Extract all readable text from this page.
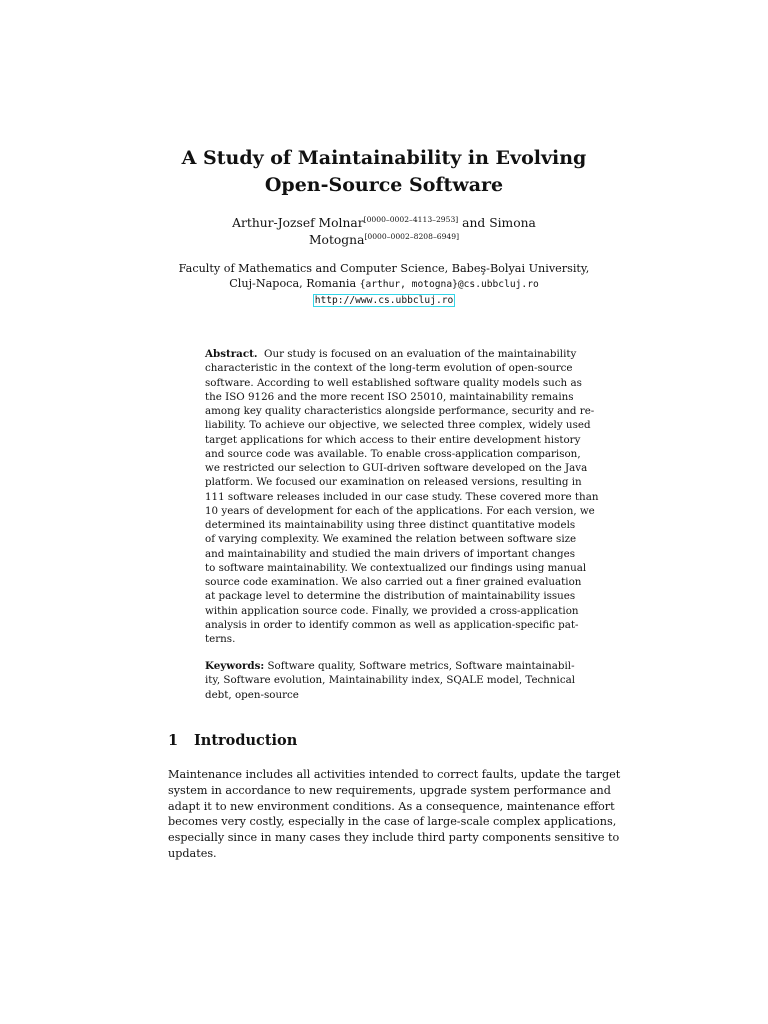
A Study of Maintainability in Evolving
Open-Source Software
Arthur-Jozsef Molnar[0000–0002–4113–2953] and Simona
Motogna[0000–0002–8208–6949]
Faculty of Mathematics and Computer Science, Babeş-Bolyai University,
Cluj-Napoca, Romania {arthur, motogna}@cs.ubbcluj.ro
http://www.cs.ubbcluj.ro
Abstract. Our study is focused on an evaluation of the maintainability
characteristic in the context of the long-term evolution of open-source
software. According to well established software quality models such as
the ISO 9126 and the more recent ISO 25010, maintainability remains
among key quality characteristics alongside performance, security and re-
liability. To achieve our objective, we selected three complex, widely used
target applications for which access to their entire development history
and source code was available. To enable cross-application comparison,
we restricted our selection to GUI-driven software developed on the Java
platform. We focused our examination on released versions, resulting in
111 software releases included in our case study. These covered more than
10 years of development for each of the applications. For each version, we
determined its maintainability using three distinct quantitative models
of varying complexity. We examined the relation between software size
and maintainability and studied the main drivers of important changes
to software maintainability. We contextualized our findings using manual
source code examination. We also carried out a finer grained evaluation
at package level to determine the distribution of maintainability issues
within application source code. Finally, we provided a cross-application
analysis in order to identify common as well as application-specific pat-
terns.
Keywords: Software quality, Software metrics, Software maintainabil-
ity, Software evolution, Maintainability index, SQALE model, Technical
debt, open-source
1 Introduction
Maintenance includes all activities intended to correct faults, update the target
system in accordance to new requirements, upgrade system performance and
adapt it to new environment conditions. As a consequence, maintenance effort
becomes very costly, especially in the case of large-scale complex applications,
especially since in many cases they include third party components sensitive to
updates.
